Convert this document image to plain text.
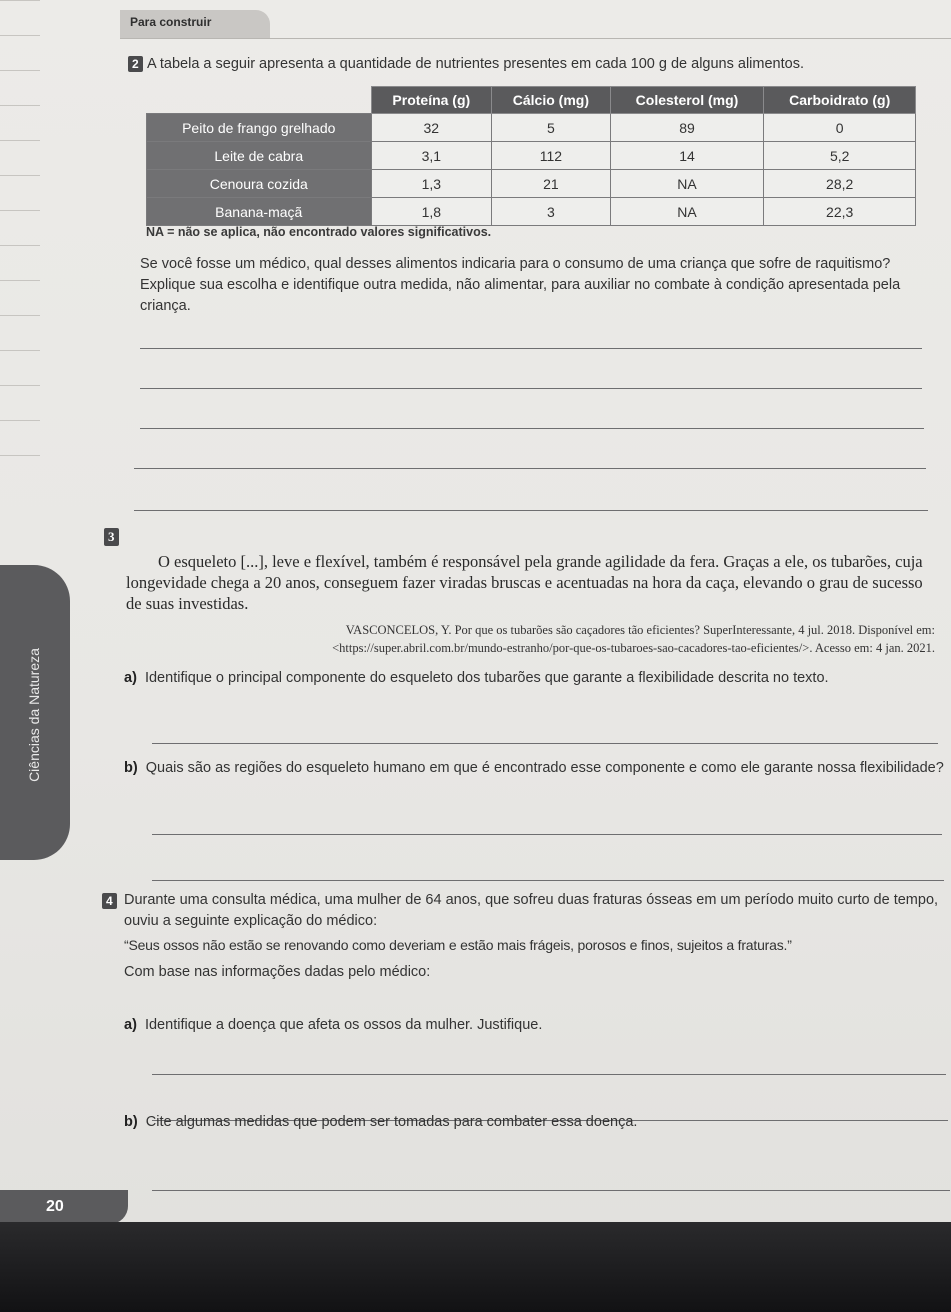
Para construir
2 A tabela a seguir apresenta a quantidade de nutrientes presentes em cada 100 g de alguns alimentos.
	Proteína (g)	Cálcio (mg)	Colesterol (mg)	Carboidrato (g)
Peito de frango grelhado	32	5	89	0
Leite de cabra	3,1	112	14	5,2
Cenoura cozida	1,3	21	NA	28,2
Banana-maçã	1,8	3	NA	22,3
NA = não se aplica, não encontrado valores significativos.
Se você fosse um médico, qual desses alimentos indicaria para o consumo de uma criança que sofre de raquitismo? Explique sua escolha e identifique outra medida, não alimentar, para auxiliar no combate à condição apresentada pela criança.
3
O esqueleto [...], leve e flexível, também é responsável pela grande agilidade da fera. Graças a ele, os tubarões, cuja longevidade chega a 20 anos, conseguem fazer viradas bruscas e acentuadas na hora da caça, elevando o grau de sucesso de suas investidas.
VASCONCELOS, Y. Por que os tubarões são caçadores tão eficientes? SuperInteressante, 4 jul. 2018. Disponível em:
<https://super.abril.com.br/mundo-estranho/por-que-os-tubaroes-sao-cacadores-tao-eficientes/>. Acesso em: 4 jan. 2021.
a) Identifique o principal componente do esqueleto dos tubarões que garante a flexibilidade descrita no texto.
b) Quais são as regiões do esqueleto humano em que é encontrado esse componente e como ele garante nossa flexibilidade?
Ciências da Natureza
4 Durante uma consulta médica, uma mulher de 64 anos, que sofreu duas fraturas ósseas em um período muito curto de tempo, ouviu a seguinte explicação do médico:
“Seus ossos não estão se renovando como deveriam e estão mais frágeis, porosos e finos, sujeitos a fraturas.”
Com base nas informações dadas pelo médico:
a) Identifique a doença que afeta os ossos da mulher. Justifique.
b) Cite algumas medidas que podem ser tomadas para combater essa doença.
20
